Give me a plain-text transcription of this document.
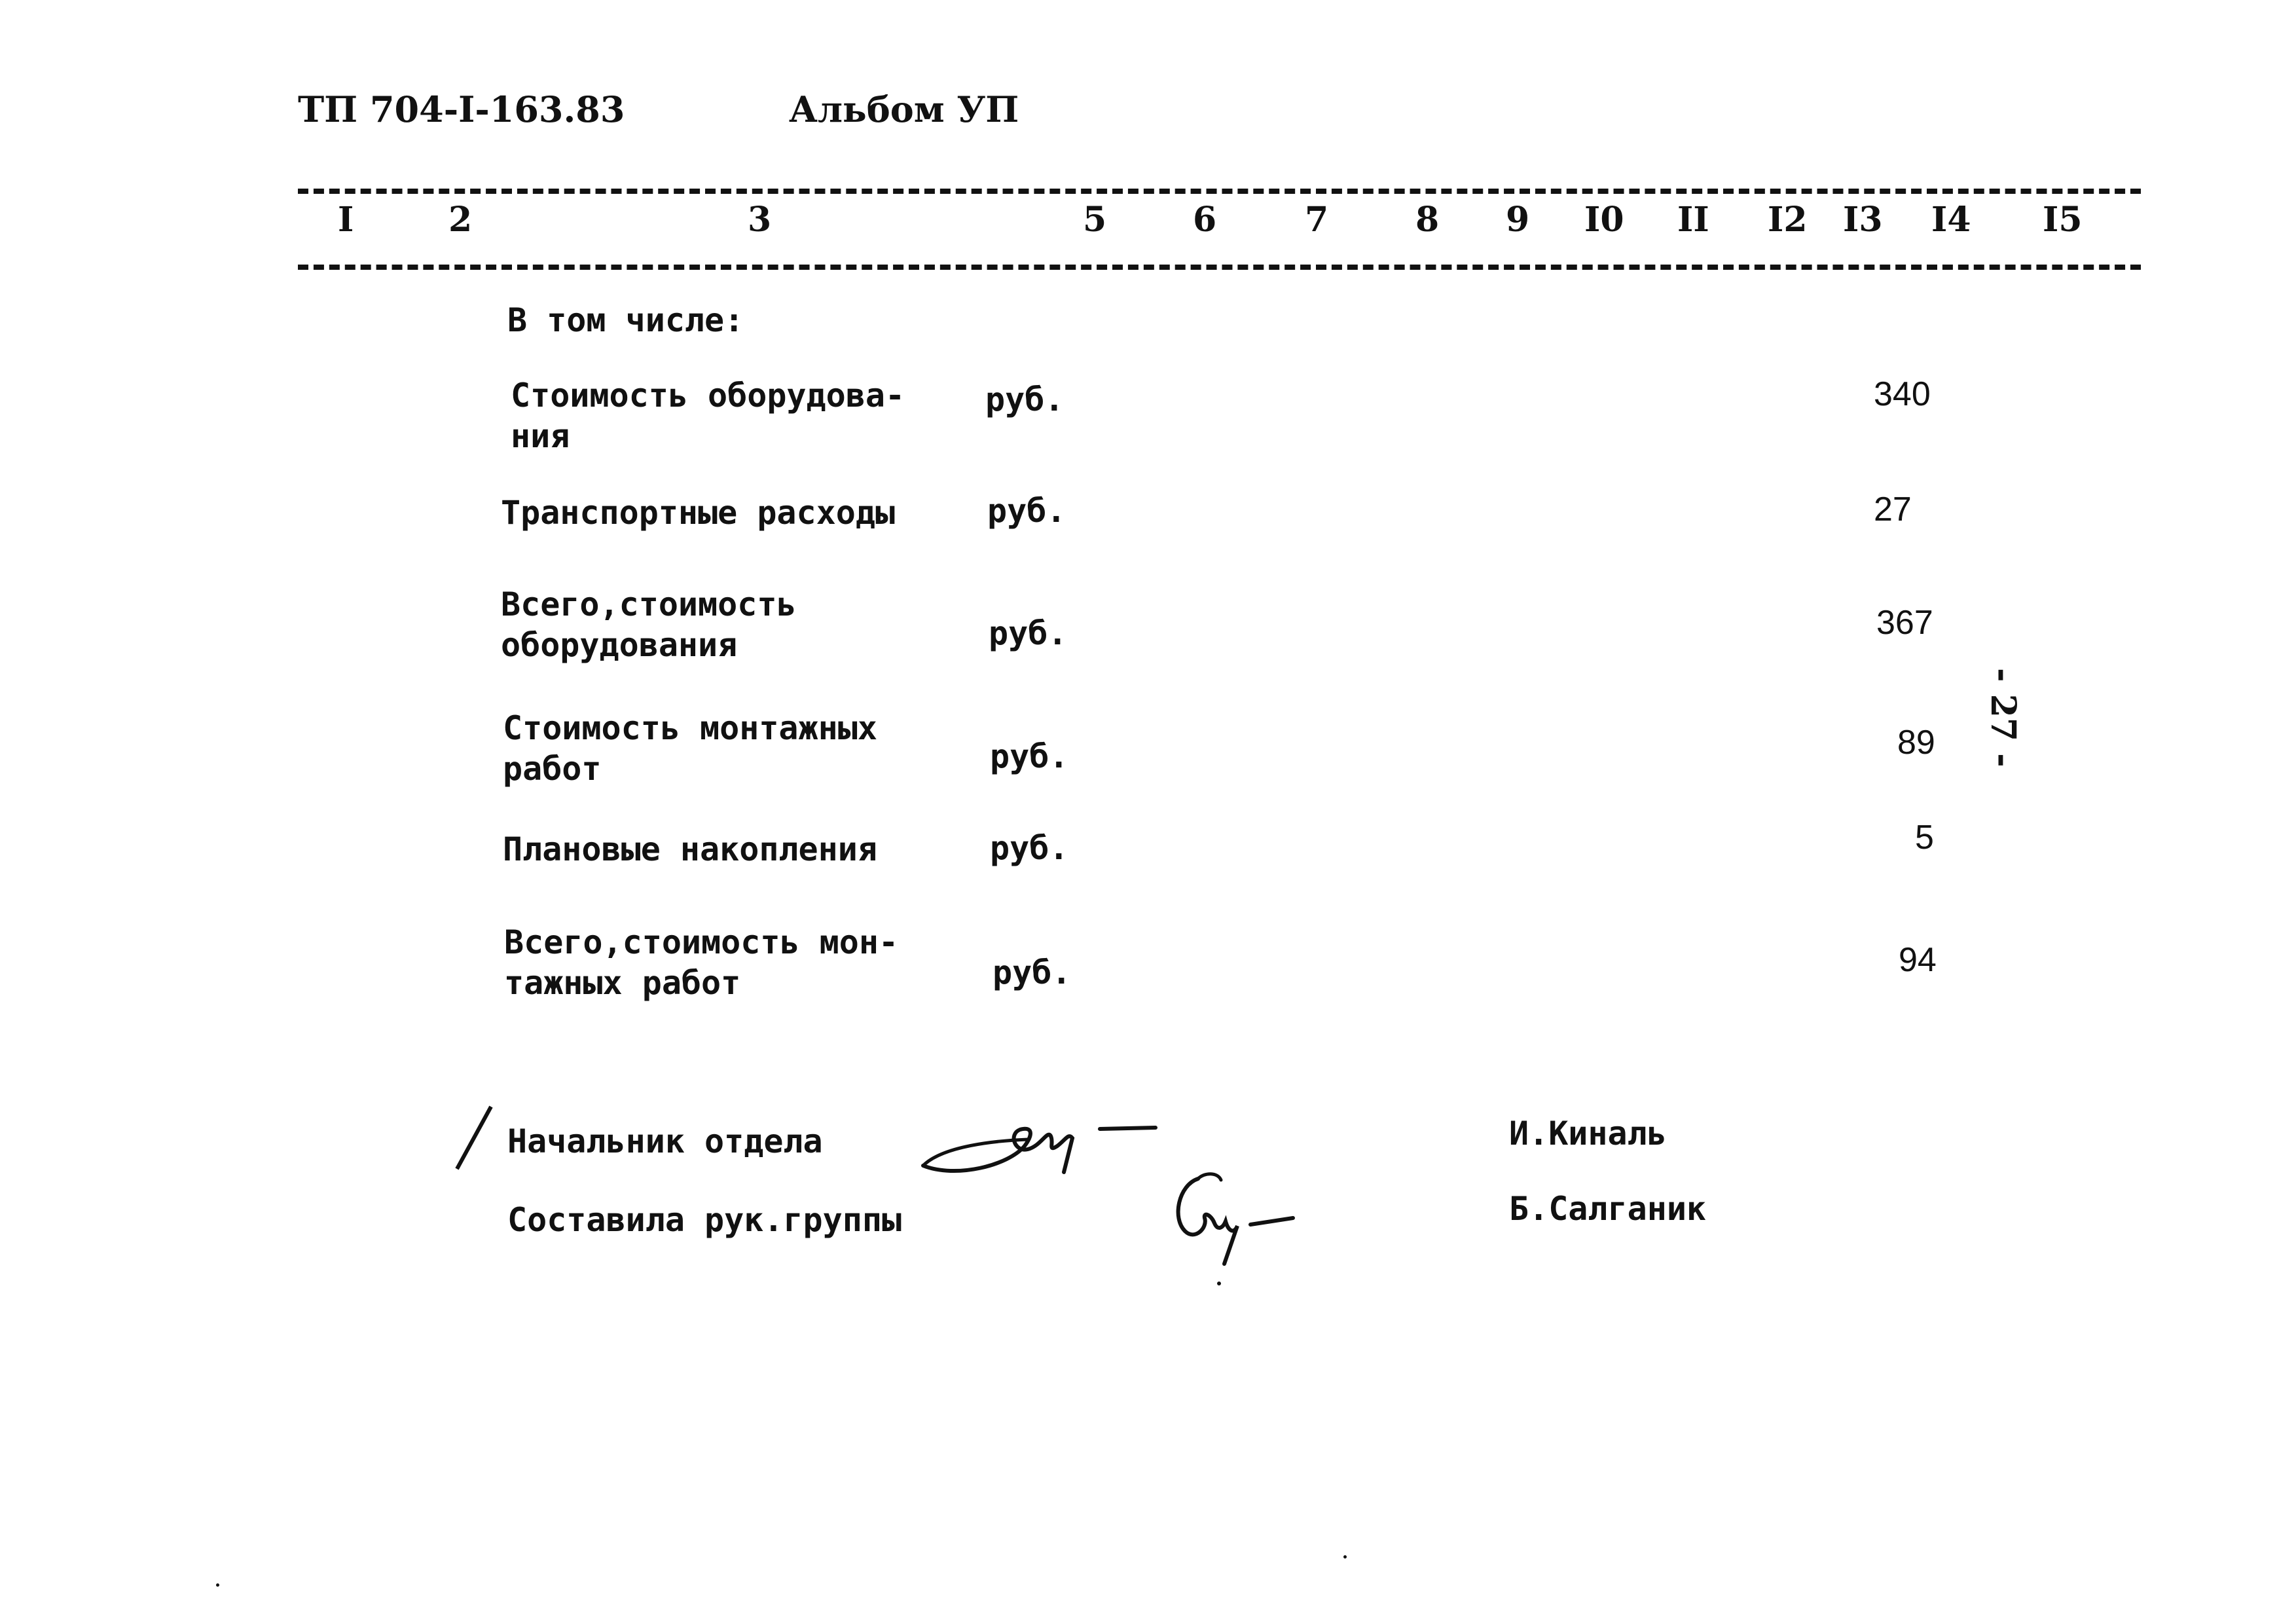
ТП 704-I-163.83	Альбом УП
I	2	3	5	6	7	8 9 I0 II I2 I3 I4 I5
В том числе:
Стоимость оборудова-
ния
руб.	340
Транспортные расходы	руб.	27
Всего,стоимость
оборудования	руб.	367
Стоимость монтажных
работ	руб.	89
Плановые накопления	руб.	5
Всего,стоимость мон-
тажных работ	руб.	94
- 27 -
Начальник отдела
Составила рук.группы
И.Киналь
Б.Салганик
